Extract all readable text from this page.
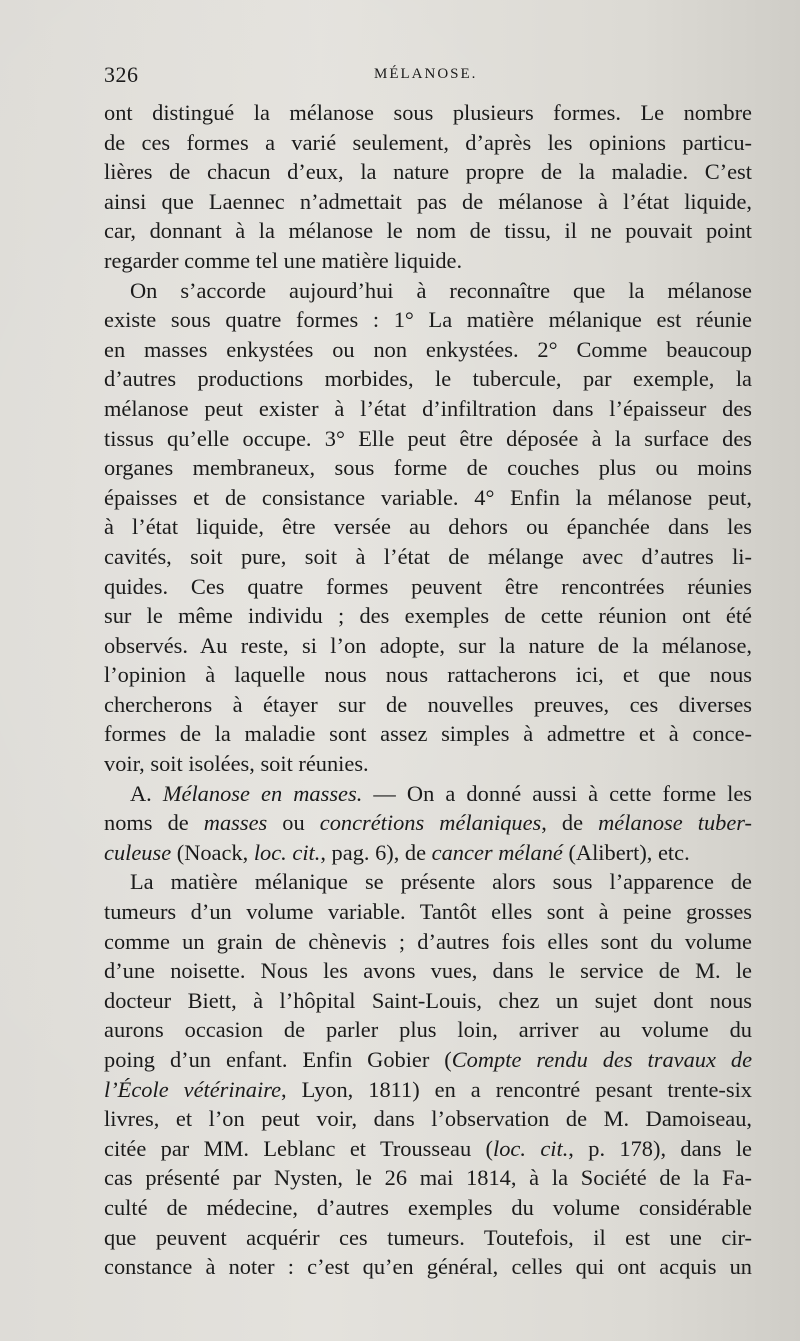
326	MÉLANOSE.
ont distingué la mélanose sous plusieurs formes. Le nombre
de ces formes a varié seulement, d’après les opinions particu-
lières de chacun d’eux, la nature propre de la maladie. C’est
ainsi que Laennec n’admettait pas de mélanose à l’état liquide,
car, donnant à la mélanose le nom de tissu, il ne pouvait point
regarder comme tel une matière liquide.
On s’accorde aujourd’hui à reconnaître que la mélanose
existe sous quatre formes : 1° La matière mélanique est réunie
en masses enkystées ou non enkystées. 2° Comme beaucoup
d’autres productions morbides, le tubercule, par exemple, la
mélanose peut exister à l’état d’infiltration dans l’épaisseur des
tissus qu’elle occupe. 3° Elle peut être déposée à la surface des
organes membraneux, sous forme de couches plus ou moins
épaisses et de consistance variable. 4° Enfin la mélanose peut,
à l’état liquide, être versée au dehors ou épanchée dans les
cavités, soit pure, soit à l’état de mélange avec d’autres li-
quides. Ces quatre formes peuvent être rencontrées réunies
sur le même individu ; des exemples de cette réunion ont été
observés. Au reste, si l’on adopte, sur la nature de la mélanose,
l’opinion à laquelle nous nous rattacherons ici, et que nous
chercherons à étayer sur de nouvelles preuves, ces diverses
formes de la maladie sont assez simples à admettre et à conce-
voir, soit isolées, soit réunies.
A. Mélanose en masses. — On a donné aussi à cette forme les
noms de masses ou concrétions mélaniques, de mélanose tuber-
culeuse (Noack, loc. cit., pag. 6), de cancer mélané (Alibert), etc.
La matière mélanique se présente alors sous l’apparence de
tumeurs d’un volume variable. Tantôt elles sont à peine grosses
comme un grain de chènevis ; d’autres fois elles sont du volume
d’une noisette. Nous les avons vues, dans le service de M. le
docteur Biett, à l’hôpital Saint-Louis, chez un sujet dont nous
aurons occasion de parler plus loin, arriver au volume du
poing d’un enfant. Enfin Gobier (Compte rendu des travaux de
l’École vétérinaire, Lyon, 1811) en a rencontré pesant trente-six
livres, et l’on peut voir, dans l’observation de M. Damoiseau,
citée par MM. Leblanc et Trousseau (loc. cit., p. 178), dans le
cas présenté par Nysten, le 26 mai 1814, à la Société de la Fa-
culté de médecine, d’autres exemples du volume considérable
que peuvent acquérir ces tumeurs. Toutefois, il est une cir-
constance à noter : c’est qu’en général, celles qui ont acquis un
